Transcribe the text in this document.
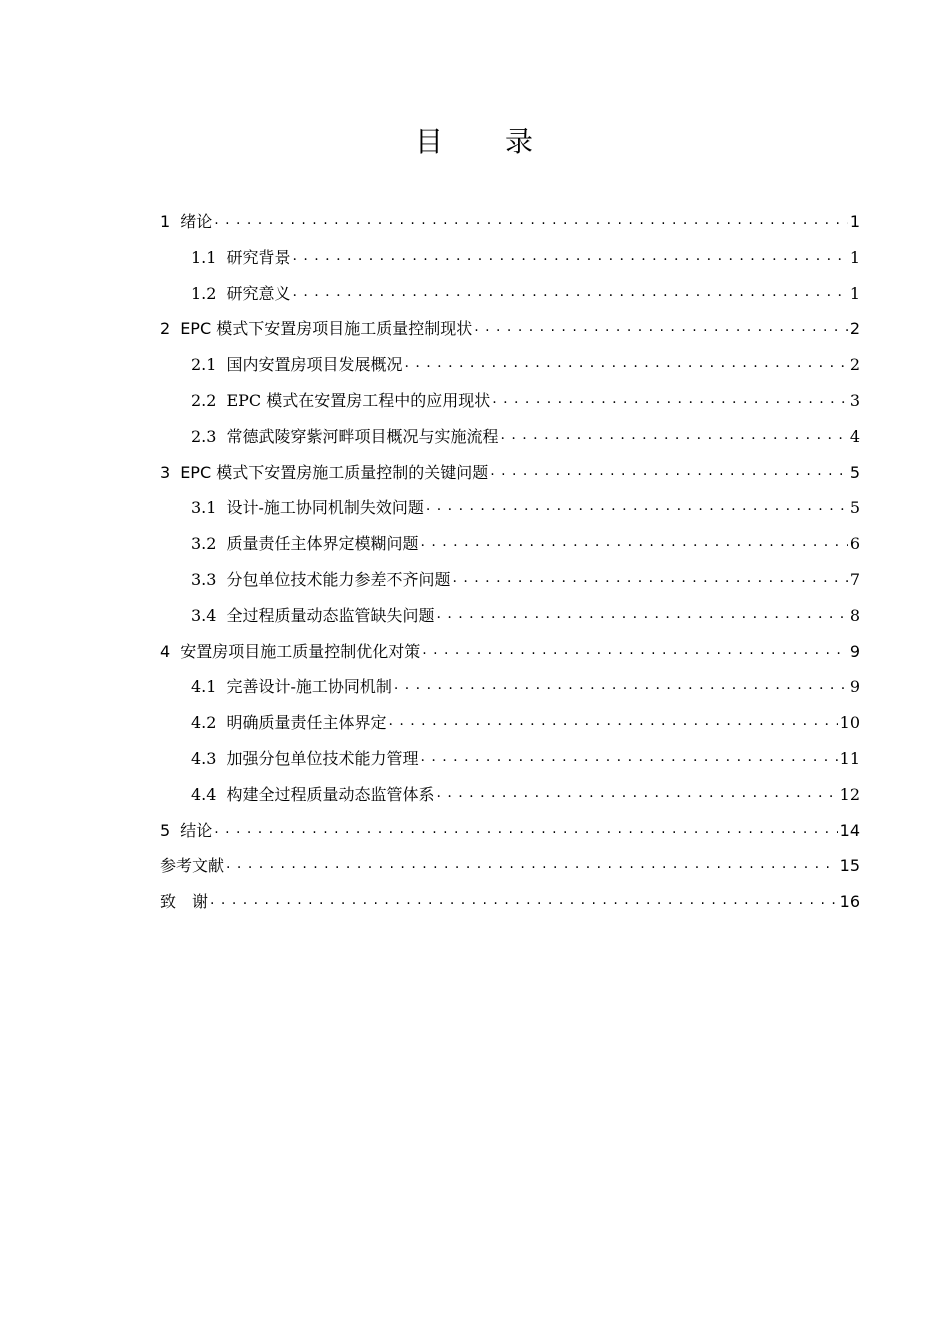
目　　录
1 绪论 . . .	1
1.1 研究背景 . . .	1
1.2 研究意义 . . .	1
2 EPC 模式下安置房项目施工质量控制现状 . . .	2
2.1 国内安置房项目发展概况 . . .	2
2.2 EPC 模式在安置房工程中的应用现状 . . .	3
2.3 常德武陵穿紫河畔项目概况与实施流程 . . .	4
3 EPC 模式下安置房施工质量控制的关键问题 . . .	5
3.1 设计-施工协同机制失效问题 . . .	5
3.2 质量责任主体界定模糊问题 . . .	6
3.3 分包单位技术能力参差不齐问题 . . .	7
3.4 全过程质量动态监管缺失问题 . . .	8
4 安置房项目施工质量控制优化对策 . . .	9
4.1 完善设计-施工协同机制 . . .	9
4.2 明确质量责任主体界定 . . .	10
4.3 加强分包单位技术能力管理 . . .	11
4.4 构建全过程质量动态监管体系 . . .	12
5 结论 . . .	14
参考文献 . . .	15
致　谢 . . .	16
